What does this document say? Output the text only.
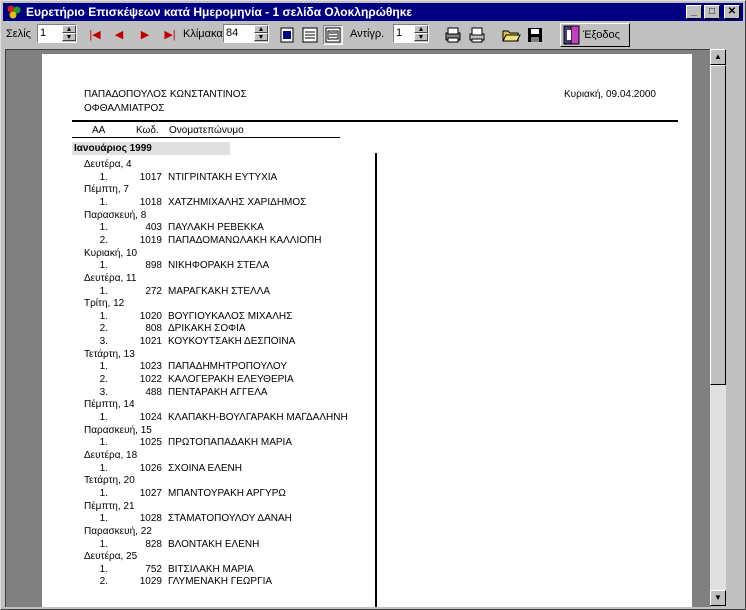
Ευρετήριο Επισκέψεων κατά Ημερομηνία - 1 σελίδα Ολοκληρώθηκε	_	□	✕
Σελίς 1	▲
▼	|◀	◀	▶	▶| Κλίμακα 84	▲
▼	Αντίγρ. 1	▲
▼	Έξοδος
ΠΑΠΑΔΟΠΟΥΛΟΣ ΚΩΝΣΤΑΝΤΙΝΟΣ
ΟΦΘΑΛΜΙΑΤΡΟΣ
Κυριακή, 09.04.2000
ΑΑ	Κωδ. Ονοματεπώνυμο
Ιανουάριος 1999
Δευτέρα, 4
1.	1017 ΝΤΙΓΡΙΝΤΑΚΗ ΕΥΤΥΧΙΑ
Πέμπτη, 7
1.	1018 ΧΑΤΖΗΜΙΧΑΛΗΣ ΧΑΡΙΔΗΜΟΣ
Παρασκευή, 8
1.	403 ΠΑΥΛΑΚΗ ΡΕΒΕΚΚΑ
2.	1019 ΠΑΠΑΔΟΜΑΝΩΛΑΚΗ ΚΑΛΛΙΟΠΗ
Κυριακή, 10
1.	898 ΝΙΚΗΦΟΡΑΚΗ ΣΤΕΛΑ
Δευτέρα, 11
1.	272 ΜΑΡΑΓΚΑΚΗ ΣΤΕΛΛΑ
Τρίτη, 12
1.	1020 ΒΟΥΓΙΟΥΚΑΛΟΣ ΜΙΧΑΛΗΣ
2.	808 ΔΡΙΚΑΚΗ ΣΟΦΙΑ
3.	1021 ΚΟΥΚΟΥΤΣΑΚΗ ΔΕΣΠΟΙΝΑ
Τετάρτη, 13
1.	1023 ΠΑΠΑΔΗΜΗΤΡΟΠΟΥΛΟΥ
2.	1022 ΚΑΛΟΓΕΡΑΚΗ ΕΛΕΥΘΕΡΙΑ
3.	488 ΠΕΝΤΑΡΑΚΗ ΑΓΓΕΛΑ
Πέμπτη, 14
1.	1024 ΚΛΑΠΑΚΗ-ΒΟΥΛΓΑΡΑΚΗ ΜΑΓΔΑΛΗΝΗ
Παρασκευή, 15
1.	1025 ΠΡΩΤΟΠΑΠΑΔΑΚΗ ΜΑΡΙΑ
Δευτέρα, 18
1.	1026 ΣΧΟΙΝΑ ΕΛΕΝΗ
Τετάρτη, 20
1.	1027 ΜΠΑΝΤΟΥΡΑΚΗ ΑΡΓΥΡΩ
Πέμπτη, 21
1.	1028 ΣΤΑΜΑΤΟΠΟΥΛΟΥ ΔΑΝΑΗ
Παρασκευή, 22
1.	828 ΒΛΟΝΤΑΚΗ ΕΛΕΝΗ
Δευτέρα, 25
1.	752 ΒΙΤΣΙΛΑΚΗ ΜΑΡΙΑ
2.	1029 ΓΛΥΜΕΝΑΚΗ ΓΕΩΡΓΙΑ
▲
▼
